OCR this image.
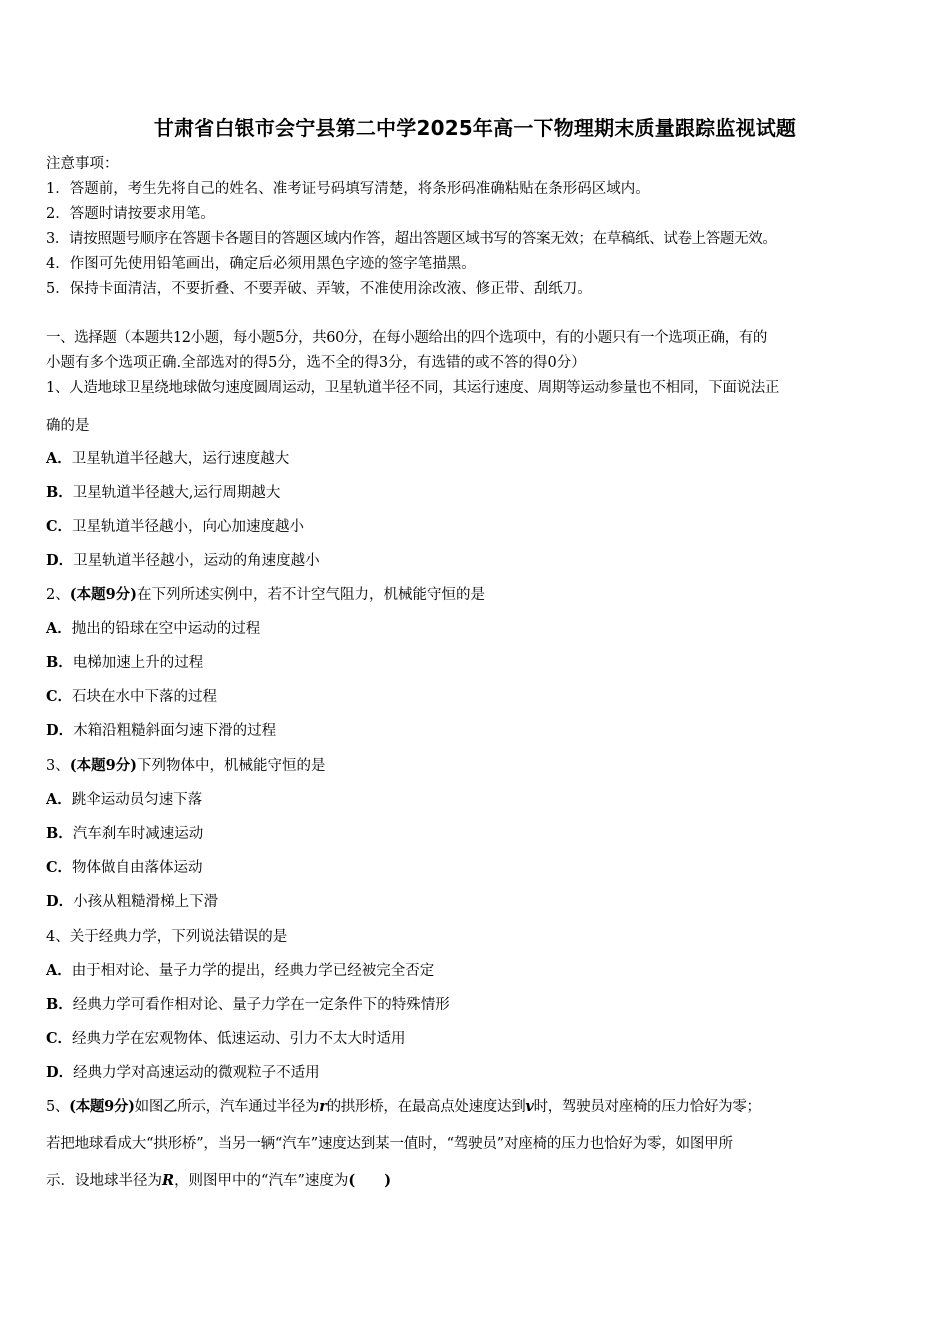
甘肃省白银市会宁县第二中学2025年高一下物理期末质量跟踪监视试题
注意事项：
1．答题前，考生先将自己的姓名、准考证号码填写清楚，将条形码准确粘贴在条形码区域内。
2．答题时请按要求用笔。
3．请按照题号顺序在答题卡各题目的答题区域内作答，超出答题区域书写的答案无效；在草稿纸、试卷上答题无效。
4．作图可先使用铅笔画出，确定后必须用黑色字迹的签字笔描黑。
5．保持卡面清洁，不要折叠、不要弄破、弄皱，不准使用涂改液、修正带、刮纸刀。
一、选择题（本题共12小题，每小题5分，共60分，在每小题给出的四个选项中，有的小题只有一个选项正确，有的
小题有多个选项正确.全部选对的得5分，选不全的得3分，有选错的或不答的得0分）
1、人造地球卫星绕地球做匀速度圆周运动，卫星轨道半径不同，其运行速度、周期等运动参量也不相同，下面说法正
确的是
A．卫星轨道半径越大，运行速度越大
B．卫星轨道半径越大,运行周期越大
C．卫星轨道半径越小，向心加速度越小
D．卫星轨道半径越小，运动的角速度越小
2、(本题9分)在下列所述实例中，若不计空气阻力，机械能守恒的是
A．抛出的铅球在空中运动的过程
B．电梯加速上升的过程
C．石块在水中下落的过程
D．木箱沿粗糙斜面匀速下滑的过程
3、(本题9分)下列物体中，机械能守恒的是
A．跳伞运动员匀速下落
B．汽车刹车时减速运动
C．物体做自由落体运动
D．小孩从粗糙滑梯上下滑
4、关于经典力学，下列说法错误的是
A．由于相对论、量子力学的提出，经典力学已经被完全否定
B．经典力学可看作相对论、量子力学在一定条件下的特殊情形
C．经典力学在宏观物体、低速运动、引力不太大时适用
D．经典力学对高速运动的微观粒子不适用
5、(本题9分)如图乙所示，汽车通过半径为r的拱形桥，在最高点处速度达到v时，驾驶员对座椅的压力恰好为零；
若把地球看成大“拱形桥”，当另一辆“汽车”速度达到某一值时，“驾驶员”对座椅的压力也恰好为零，如图甲所
示．设地球半径为R，则图甲中的“汽车”速度为(　　)
